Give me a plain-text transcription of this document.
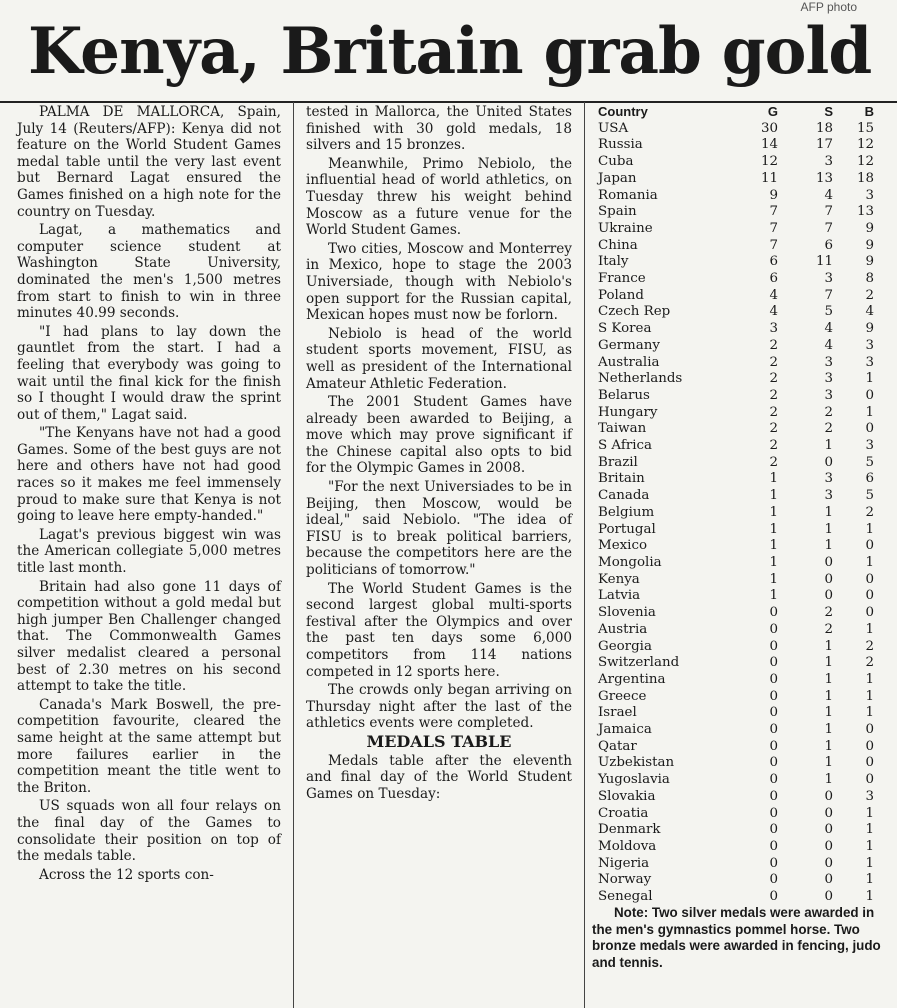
AFP photo
Kenya, Britain grab gold

PALMA DE MALLORCA, Spain, July 14 (Reuters/AFP): Kenya did not feature on the World Student Games medal table until the very last event but Bernard Lagat ensured the Games finished on a high note for the country on Tuesday.

Lagat, a mathematics and computer science student at Washington State University, dominated the men's 1,500 metres from start to finish to win in three minutes 40.99 seconds.

"I had plans to lay down the gauntlet from the start. I had a feeling that everybody was going to wait until the final kick for the finish so I thought I would draw the sprint out of them," Lagat said.

"The Kenyans have not had a good Games. Some of the best guys are not here and others have not had good races so it makes me feel immensely proud to make sure that Kenya is not going to leave here empty-handed."

Lagat's previous biggest win was the American collegiate 5,000 metres title last month.

Britain had also gone 11 days of competition without a gold medal but high jumper Ben Challenger changed that. The Commonwealth Games silver medalist cleared a personal best of 2.30 metres on his second attempt to take the title.

Canada's Mark Boswell, the pre-competition favourite, cleared the same height at the same attempt but more failures earlier in the competition meant the title went to the Briton.

US squads won all four relays on the final day of the Games to consolidate their position on top of the medals table.

Across the 12 sports con-

tested in Mallorca, the United States finished with 30 gold medals, 18 silvers and 15 bronzes.

Meanwhile, Primo Nebiolo, the influential head of world athletics, on Tuesday threw his weight behind Moscow as a future venue for the World Student Games.

Two cities, Moscow and Monterrey in Mexico, hope to stage the 2003 Universiade, though with Nebiolo's open support for the Russian capital, Mexican hopes must now be forlorn.

Nebiolo is head of the world student sports movement, FISU, as well as president of the International Amateur Athletic Federation.

The 2001 Student Games have already been awarded to Beijing, a move which may prove significant if the Chinese capital also opts to bid for the Olympic Games in 2008.

"For the next Universiades to be in Beijing, then Moscow, would be ideal," said Nebiolo. "The idea of FISU is to break political barriers, because the competitors here are the politicians of tomorrow."

The World Student Games is the second largest global multi-sports festival after the Olympics and over the past ten days some 6,000 competitors from 114 nations competed in 12 sports here.

The crowds only began arriving on Thursday night after the last of the athletics events were completed.

MEDALS TABLE

Medals table after the eleventh and final day of the World Student Games on Tuesday:

Country	G	S	B
USA	30	18	15
Russia	14	17	12
Cuba	12	3	12
Japan	11	13	18
Romania	9	4	3
Spain	7	7	13
Ukraine	7	7	9
China	7	6	9
Italy	6	11	9
France	6	3	8
Poland	4	7	2
Czech Rep	4	5	4
S Korea	3	4	9
Germany	2	4	3
Australia	2	3	3
Netherlands	2	3	1
Belarus	2	3	0
Hungary	2	2	1
Taiwan	2	2	0
S Africa	2	1	3
Brazil	2	0	5
Britain	1	3	6
Canada	1	3	5
Belgium	1	1	2
Portugal	1	1	1
Mexico	1	1	0
Mongolia	1	0	1
Kenya	1	0	0
Latvia	1	0	0
Slovenia	0	2	0
Austria	0	2	1
Georgia	0	1	2
Switzerland	0	1	2
Argentina	0	1	1
Greece	0	1	1
Israel	0	1	1
Jamaica	0	1	0
Qatar	0	1	0
Uzbekistan	0	1	0
Yugoslavia	0	1	0
Slovakia	0	0	3
Croatia	0	0	1
Denmark	0	0	1
Moldova	0	0	1
Nigeria	0	0	1
Norway	0	0	1
Senegal	0	0	1
Note: Two silver medals were awarded in the men's gymnastics pommel horse. Two bronze medals were awarded in fencing, judo and tennis.
